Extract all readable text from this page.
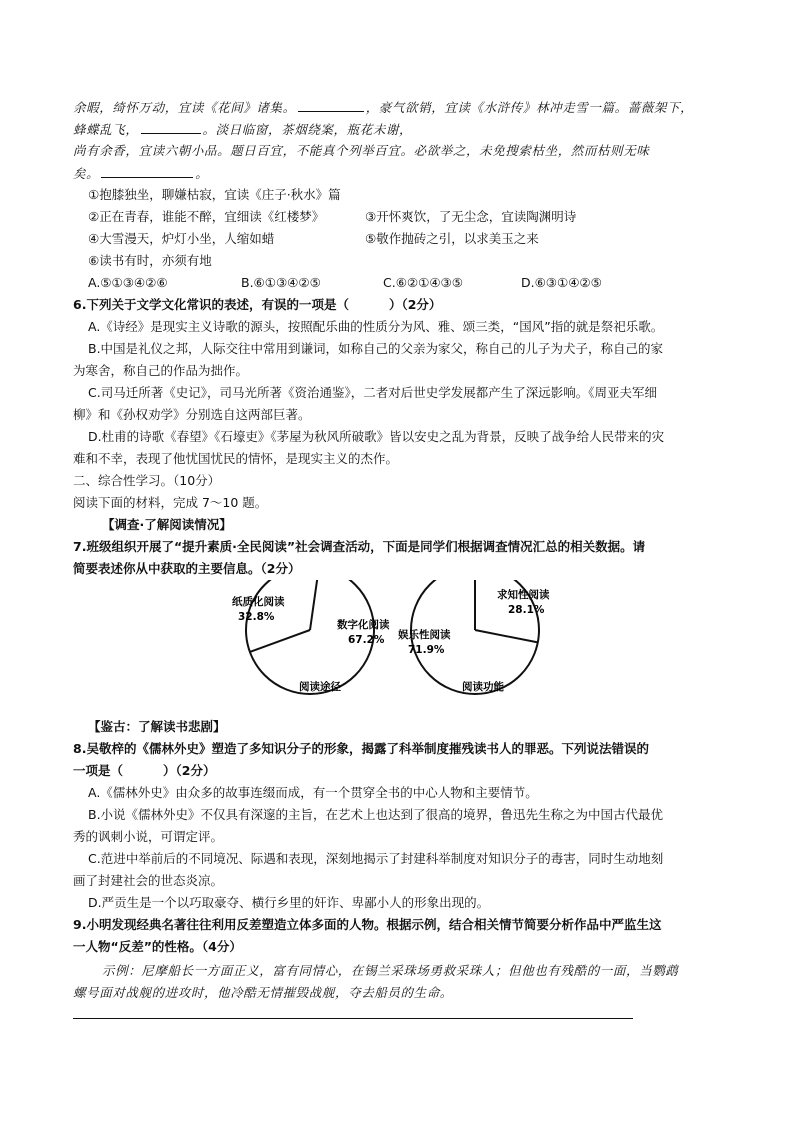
余暇，绮怀万动，宜读《花间》诸集。	，豪气欲销，宜读《水浒传》林冲走雪一篇。蔷薇架下，
蜂蝶乱飞，	。淡日临窗，茶烟绕案，瓶花未谢，
尚有余香，宜读六朝小品。题日百宜，不能真个列举百宜。必欲举之，未免搜索枯坐，然而枯则无味
矣。	。
①抱膝独坐，聊嫌枯寂，宜读《庄子·秋水》篇
②正在青春，谁能不醉，宜细读《红楼梦》	③开怀爽饮，了无尘念，宜读陶渊明诗
④大雪漫天，炉灯小坐，人缩如蜡	⑤敬作抛砖之引，以求美玉之来
⑥读书有时，亦须有地
A.⑤①③④②⑥	B.⑥①③④②⑤	C.⑥②①④③⑤	D.⑥③①④②⑤
6.下列关于文学文化常识的表述，有误的一项是（	）（2分）
A.《诗经》是现实主义诗歌的源头，按照配乐曲的性质分为风、雅、颂三类，“国风”指的就是祭祀乐歌。
B.中国是礼仪之邦，人际交往中常用到谦词，如称自己的父亲为家父，称自己的儿子为犬子，称自己的家
为寒舍，称自己的作品为拙作。
C.司马迁所著《史记》，司马光所著《资治通鉴》，二者对后世史学发展都产生了深远影响。《周亚夫军细
柳》和《孙权劝学》分别选自这两部巨著。
D.杜甫的诗歌《春望》《石壕吏》《茅屋为秋风所破歌》皆以安史之乱为背景，反映了战争给人民带来的灾
难和不幸，表现了他忧国忧民的情怀，是现实主义的杰作。
二、综合性学习。（10分）
阅读下面的材料，完成 7～10 题。
【调查·了解阅读情况】
7.班级组织开展了“提升素质·全民阅读”社会调查活动，下面是同学们根据调查情况汇总的相关数据。请
简要表述你从中获取的主要信息。（2分）
纸质化阅读
32.8%
数字化阅读
67.2%
阅读途径
求知性阅读
28.1%
娱乐性阅读
71.9%
阅读功能
【鉴古：了解读书悲剧】
8.吴敬梓的《儒林外史》塑造了多知识分子的形象，揭露了科举制度摧残读书人的罪恶。下列说法错误的
一项是（	）（2分）
A.《儒林外史》由众多的故事连缀而成，有一个贯穿全书的中心人物和主要情节。
B.小说《儒林外史》不仅具有深邃的主旨，在艺术上也达到了很高的境界，鲁迅先生称之为中国古代最优
秀的讽刺小说，可谓定评。
C.范进中举前后的不同境况、际遇和表现，深刻地揭示了封建科举制度对知识分子的毒害，同时生动地刻
画了封建社会的世态炎凉。
D.严贡生是一个以巧取豪夺、横行乡里的奸诈、卑鄙小人的形象出现的。
9.小明发现经典名著往往利用反差塑造立体多面的人物。根据示例，结合相关情节简要分析作品中严监生这
一人物“反差”的性格。（4分）
示例：尼摩船长一方面正义，富有同情心，在锡兰采珠场勇救采珠人；但他也有残酷的一面，当鹦鹉
螺号面对战舰的进攻时，他冷酷无情摧毁战舰，夺去船员的生命。
